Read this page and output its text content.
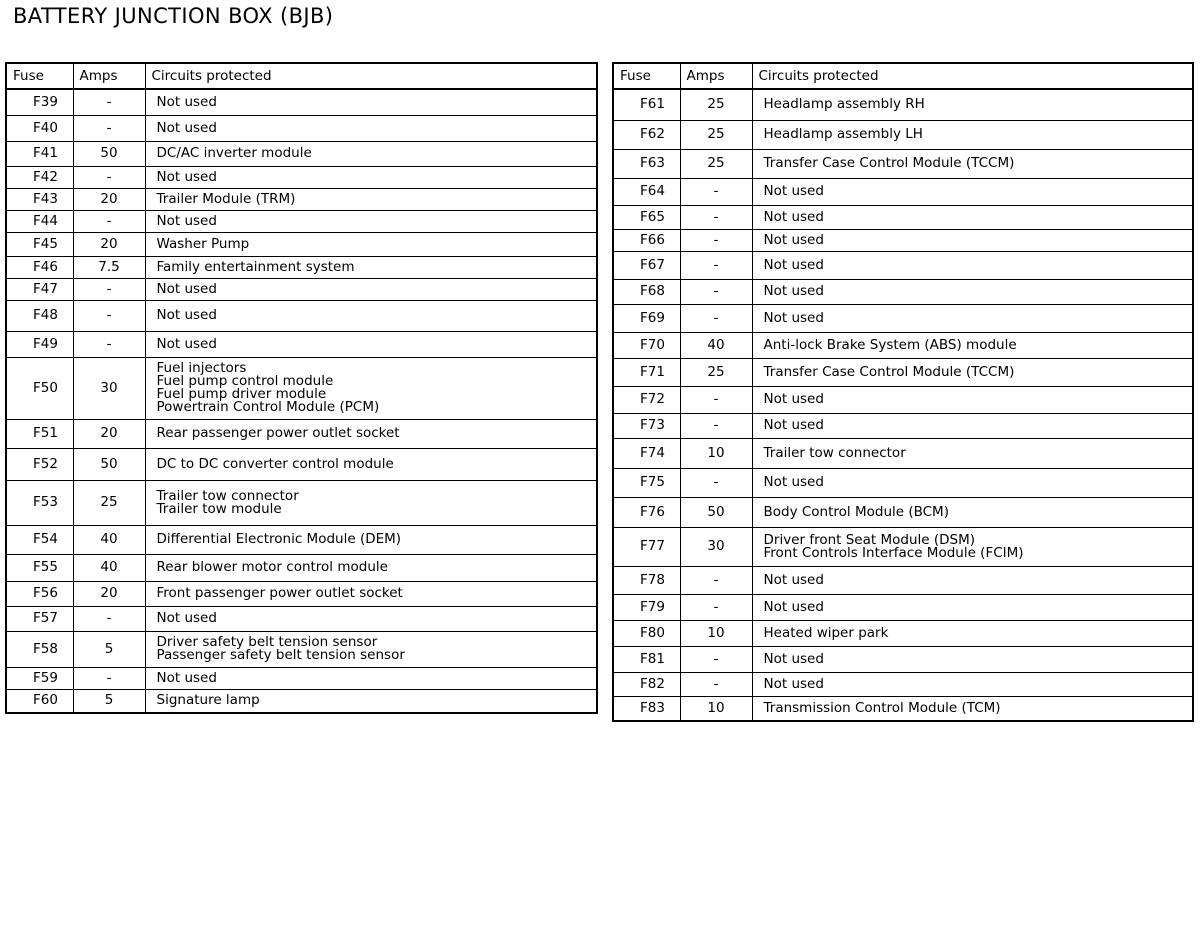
BATTERY JUNCTION BOX (BJB)
Fuse	Amps	Circuits protected
F39	-	Not used

F40	-	Not used

F41	50	DC/AC inverter module

F42	-	Not used

F43	20	Trailer Module (TRM)

F44	-	Not used

F45	20	Washer Pump

F46	7.5	Family entertainment system

F47	-	Not used

F48	-	Not used

F49	-	Not used

F50	30	Fuel injectors
Fuel pump control module
Fuel pump driver module
Powertrain Control Module (PCM)

F51	20	Rear passenger power outlet socket

F52	50	DC to DC converter control module

F53	25	Trailer tow connector
Trailer tow module

F54	40	Differential Electronic Module (DEM)

F55	40	Rear blower motor control module

F56	20	Front passenger power outlet socket

F57	-	Not used

F58	5	Driver safety belt tension sensor
Passenger safety belt tension sensor

F59	-	Not used

F60	5	Signature lamp
Fuse	Amps	Circuits protected
F61	25	Headlamp assembly RH

F62	25	Headlamp assembly LH

F63	25	Transfer Case Control Module (TCCM)

F64	-	Not used

F65	-	Not used

F66	-	Not used

F67	-	Not used

F68	-	Not used

F69	-	Not used

F70	40	Anti-lock Brake System (ABS) module

F71	25	Transfer Case Control Module (TCCM)

F72	-	Not used

F73	-	Not used

F74	10	Trailer tow connector

F75	-	Not used

F76	50	Body Control Module (BCM)

F77	30	Driver front Seat Module (DSM)
Front Controls Interface Module (FCIM)

F78	-	Not used

F79	-	Not used

F80	10	Heated wiper park

F81	-	Not used

F82	-	Not used

F83	10	Transmission Control Module (TCM)
